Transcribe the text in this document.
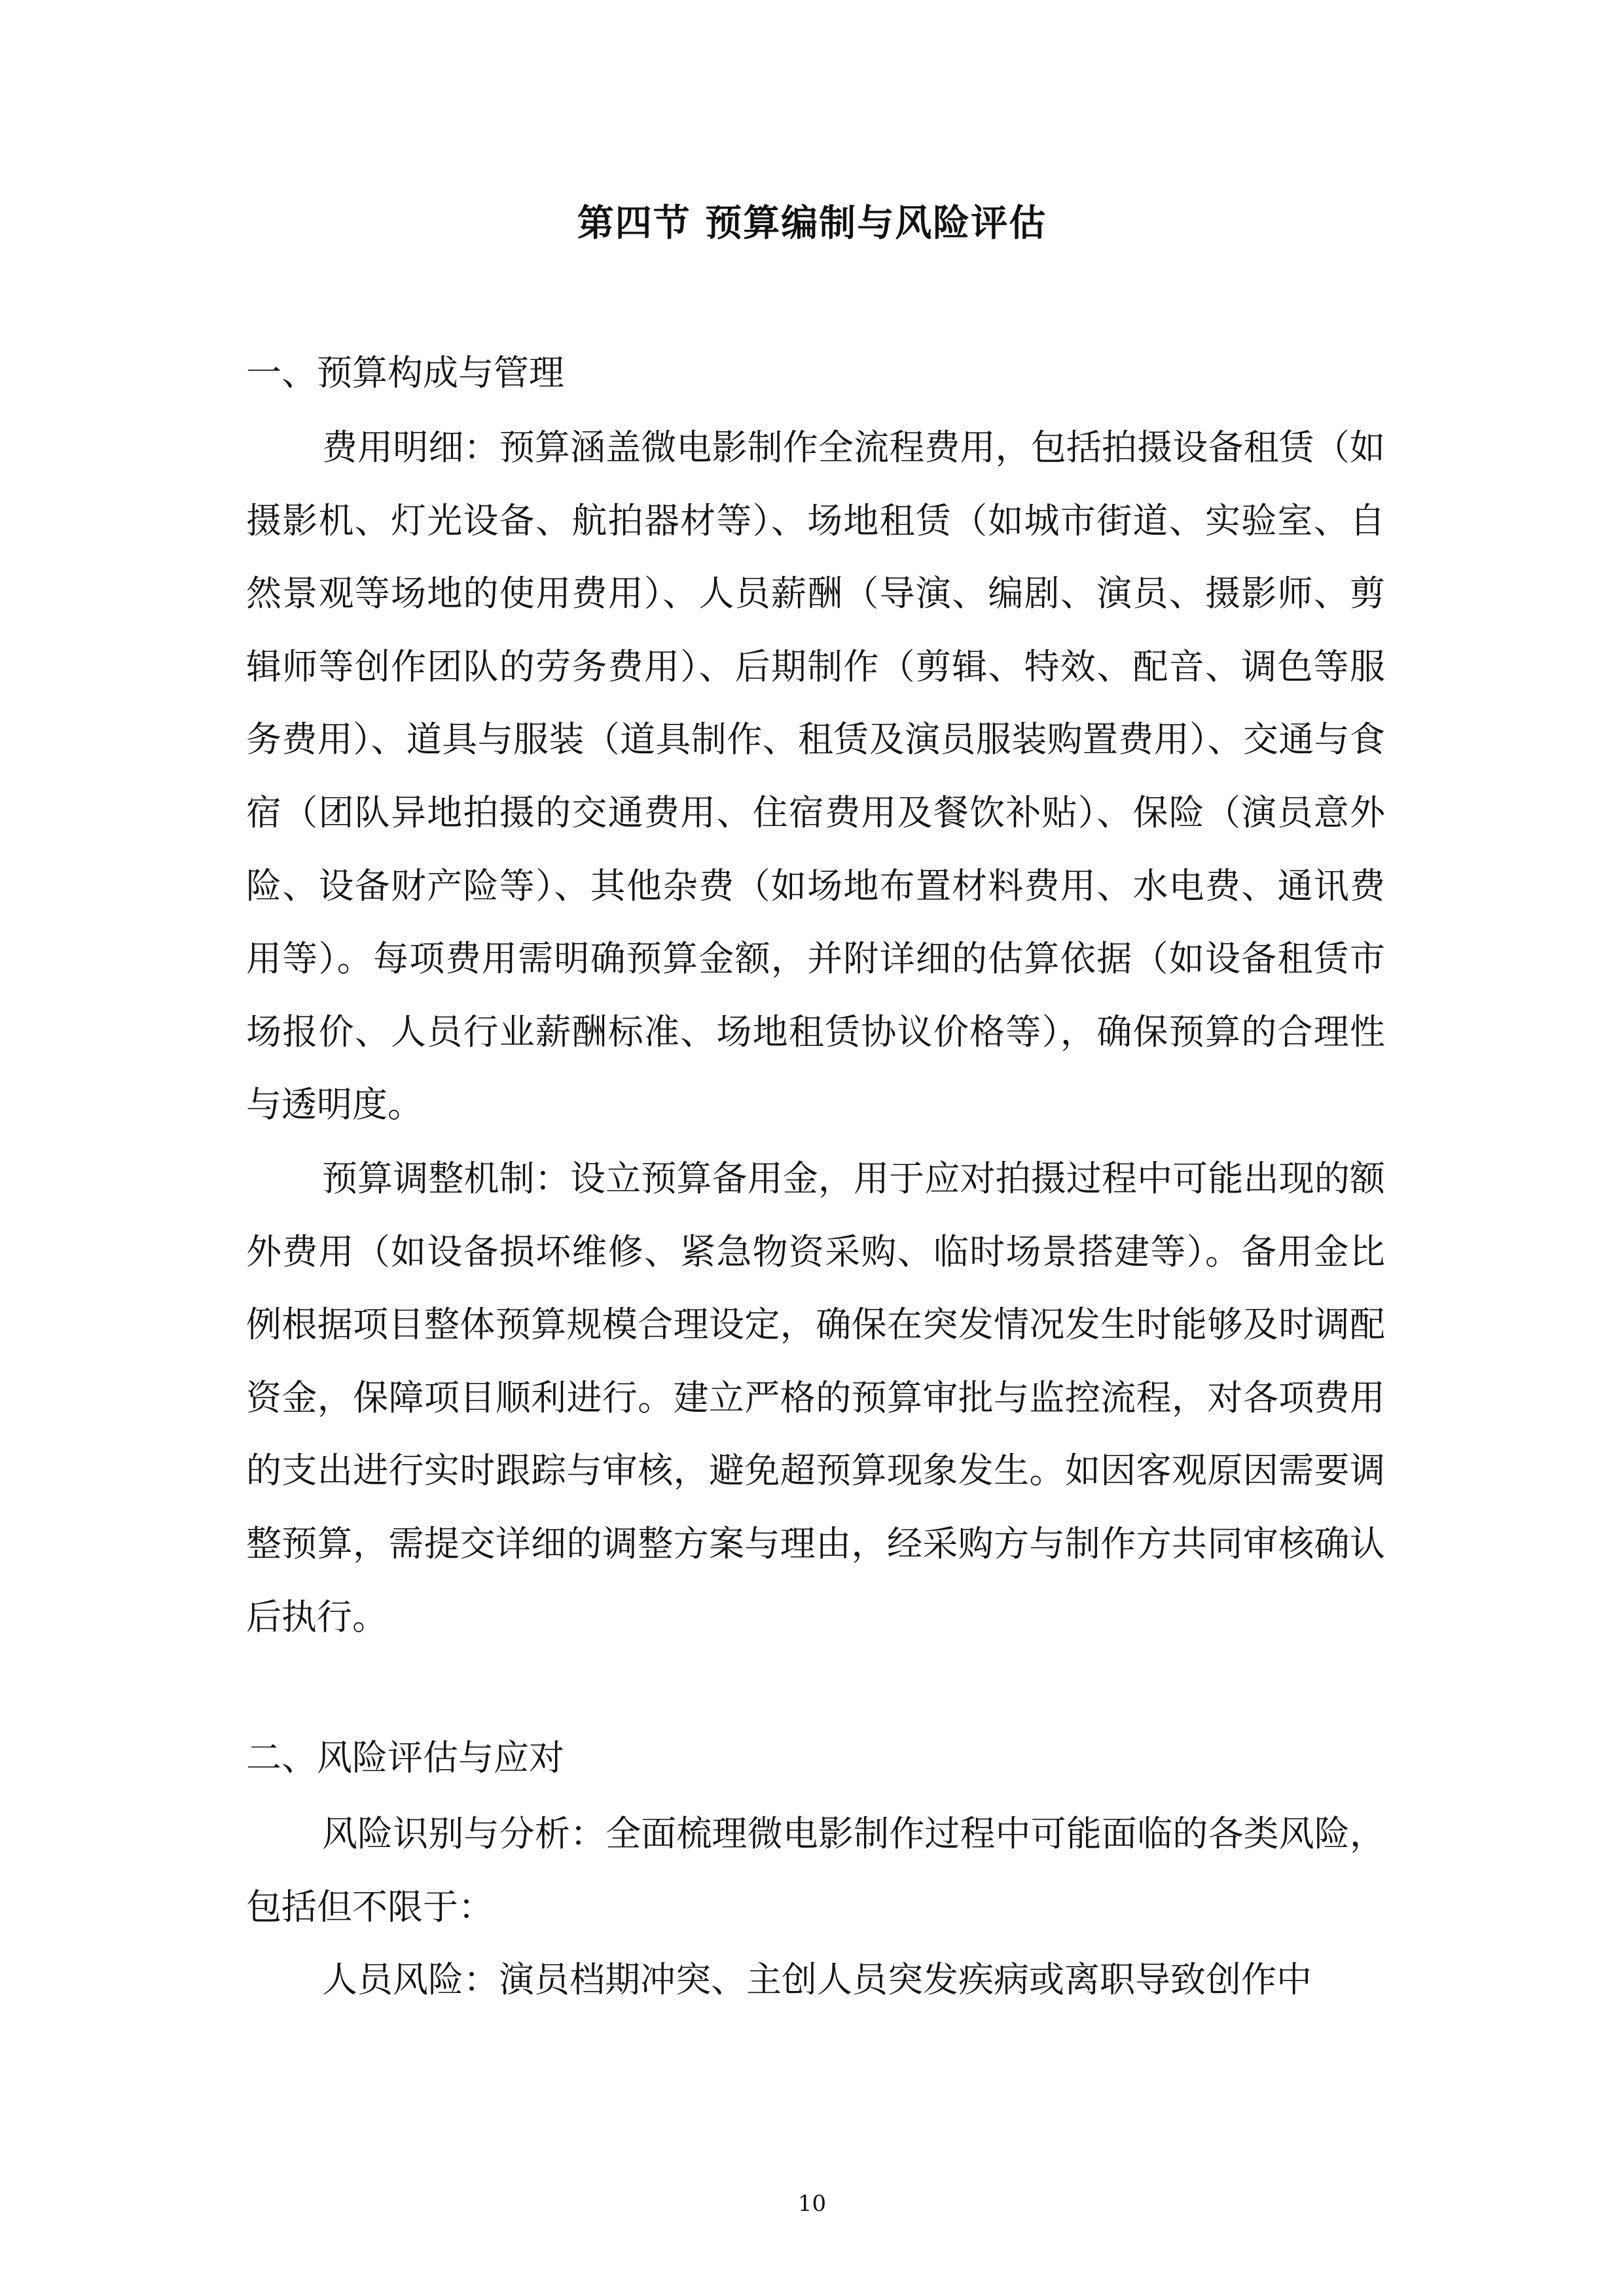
第四节 预算编制与风险评估
一、预算构成与管理

费用明细：预算涵盖微电影制作全流程费用，包括拍摄设备租赁（如摄影机、灯光设备、航拍器材等）、场地租赁（如城市街道、实验室、自然景观等场地的使用费用）、人员薪酬（导演、编剧、演员、摄影师、剪辑师等创作团队的劳务费用）、后期制作（剪辑、特效、配音、调色等服务费用）、道具与服装（道具制作、租赁及演员服装购置费用）、交通与食宿（团队异地拍摄的交通费用、住宿费用及餐饮补贴）、保险（演员意外险、设备财产险等）、其他杂费（如场地布置材料费用、水电费、通讯费用等）。每项费用需明确预算金额，并附详细的估算依据（如设备租赁市场报价、人员行业薪酬标准、场地租赁协议价格等），确保预算的合理性与透明度。

预算调整机制：设立预算备用金，用于应对拍摄过程中可能出现的额外费用（如设备损坏维修、紧急物资采购、临时场景搭建等）。备用金比例根据项目整体预算规模合理设定，确保在突发情况发生时能够及时调配资金，保障项目顺利进行。建立严格的预算审批与监控流程，对各项费用的支出进行实时跟踪与审核，避免超预算现象发生。如因客观原因需要调整预算，需提交详细的调整方案与理由，经采购方与制作方共同审核确认后执行。

二、风险评估与应对

风险识别与分析：全面梳理微电影制作过程中可能面临的各类风险，包括但不限于：

人员风险：演员档期冲突、主创人员突发疾病或离职导致创作中

10
